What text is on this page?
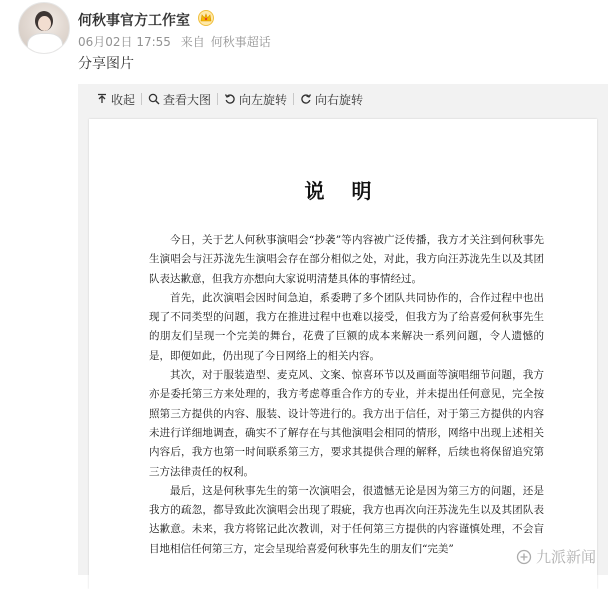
何秋事官方工作室
06月02日 17:55 来自 何秋事超话
分享图片
收起 查看大图 向左旋转 向右旋转
说 明

今日，关于艺人何秋事演唱会“抄袭”等内容被广泛传播，我方才关注到何秋事先生演唱会与汪苏泷先生演唱会存在部分相似之处，对此，我方向汪苏泷先生以及其团队表达歉意，但我方亦想向大家说明清楚具体的事情经过。

首先，此次演唱会因时间急迫，系委聘了多个团队共同协作的，合作过程中也出现了不同类型的问题，我方在推进过程中也难以接受，但我方为了给喜爱何秋事先生的朋友们呈现一个完美的舞台，花费了巨额的成本来解决一系列问题，令人遗憾的是，即便如此，仍出现了今日网络上的相关内容。

其次，对于服装造型、麦克风、文案、惊喜环节以及画面等演唱细节问题，我方亦是委托第三方来处理的，我方考虑尊重合作方的专业，并未提出任何意见，完全按照第三方提供的内容、服装、设计等进行的。我方出于信任，对于第三方提供的内容未进行详细地调查，确实不了解存在与其他演唱会相同的情形，网络中出现上述相关内容后，我方也第一时间联系第三方，要求其提供合理的解释，后续也将保留追究第三方法律责任的权利。

最后，这是何秋事先生的第一次演唱会，很遗憾无论是因为第三方的问题，还是我方的疏忽，都导致此次演唱会出现了瑕疵，我方也再次向汪苏泷先生以及其团队表达歉意。未来，我方将铭记此次教训，对于任何第三方提供的内容谨慎处理，不会盲目地相信任何第三方，定会呈现给喜爱何秋事先生的朋友们“完美”	九派新闻
